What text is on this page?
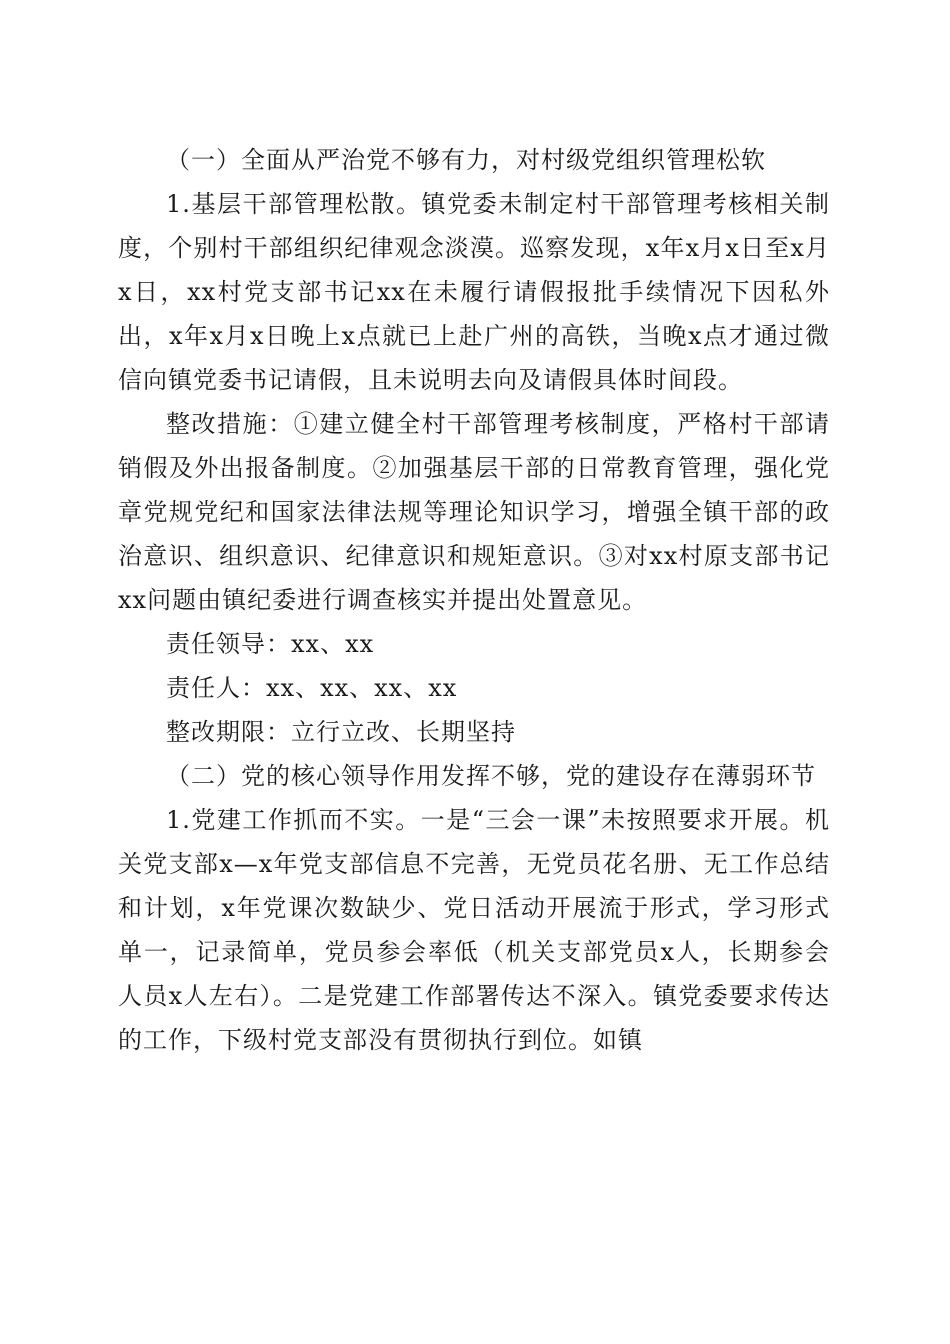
（一）全面从严治党不够有力，对村级党组织管理松软

1.基层干部管理松散。镇党委未制定村干部管理考核相关制度，个别村干部组织纪律观念淡漠。巡察发现，x年x月x日至x月x日，xx村党支部书记xx在未履行请假报批手续情况下因私外出，x年x月x日晚上x点就已上赴广州的高铁，当晚x点才通过微信向镇党委书记请假，且未说明去向及请假具体时间段。

整改措施：①建立健全村干部管理考核制度，严格村干部请销假及外出报备制度。②加强基层干部的日常教育管理，强化党章党规党纪和国家法律法规等理论知识学习，增强全镇干部的政治意识、组织意识、纪律意识和规矩意识。③对xx村原支部书记xx问题由镇纪委进行调查核实并提出处置意见。

责任领导：xx、xx

责任人：xx、xx、xx、xx

整改期限：立行立改、长期坚持

（二）党的核心领导作用发挥不够，党的建设存在薄弱环节

1.党建工作抓而不实。一是“三会一课”未按照要求开展。机关党支部x—x年党支部信息不完善，无党员花名册、无工作总结和计划，x年党课次数缺少、党日活动开展流于形式，学习形式单一，记录简单，党员参会率低（机关支部党员x人，长期参会人员x人左右）。二是党建工作部署传达不深入。镇党委要求传达的工作，下级村党支部没有贯彻执行到位。如镇
